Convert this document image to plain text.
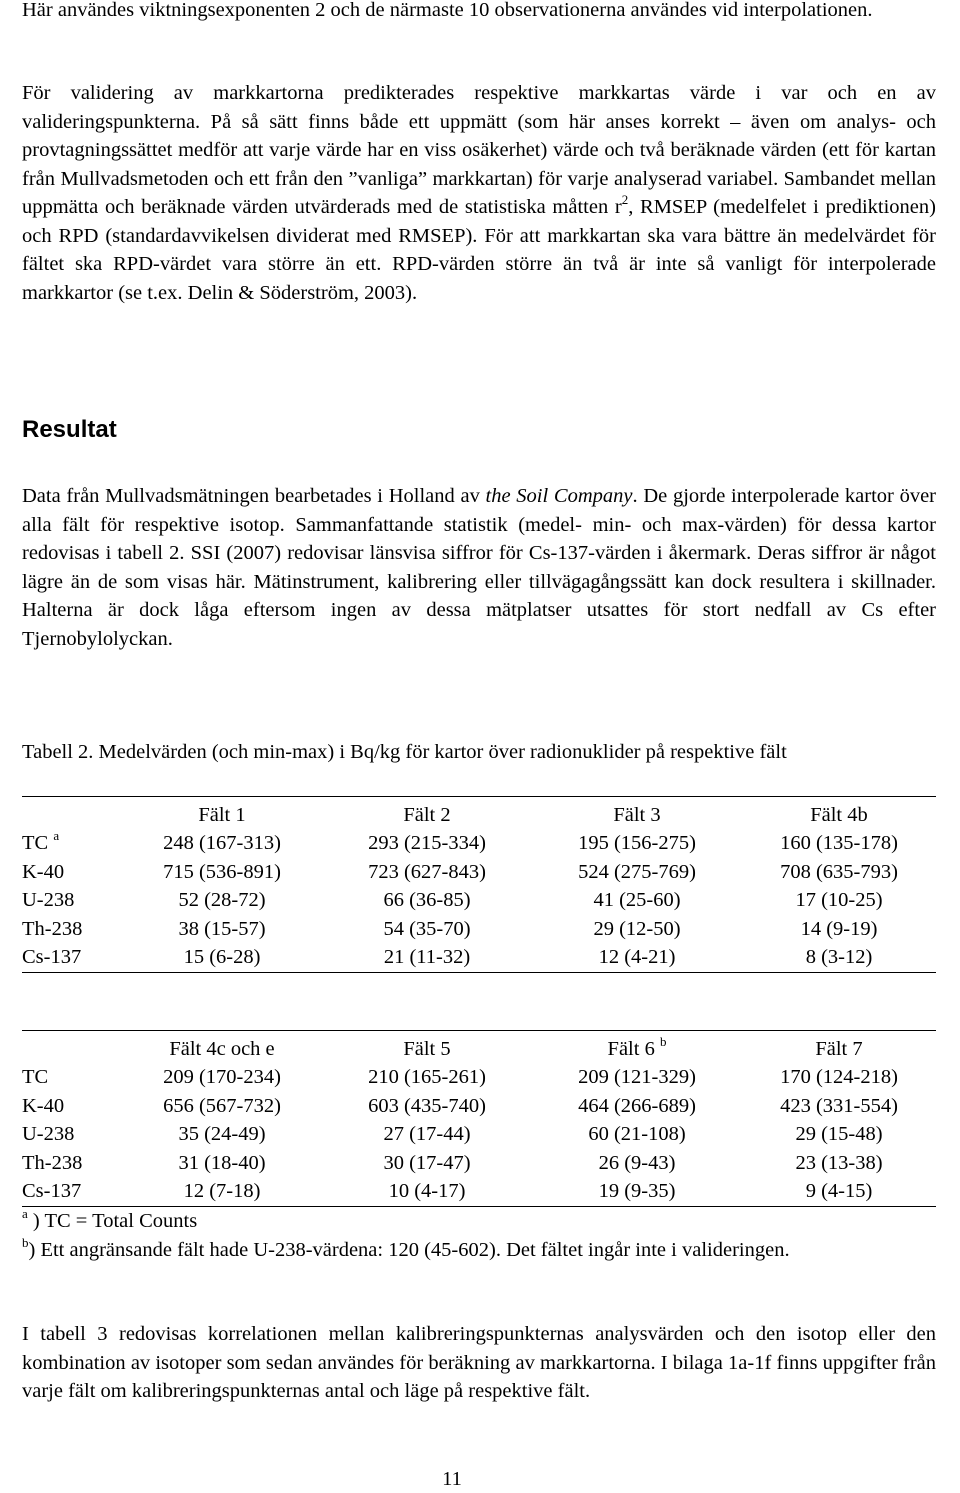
Här användes viktningsexponenten 2 och de närmaste 10 observationerna användes vid interpolationen.

För validering av markkartorna predikterades respektive markkartas värde i var och en av valideringspunkterna. På så sätt finns både ett uppmätt (som här anses korrekt – även om analys- och provtagningssättet medför att varje värde har en viss osäkerhet) värde och två beräknade värden (ett för kartan från Mullvadsmetoden och ett från den ”vanliga” markkartan) för varje analyserad variabel. Sambandet mellan uppmätta och beräknade värden utvärderads med de statistiska måtten $r^2$, RMSEP (medelfelet i prediktionen) och RPD (standardavvikelsen dividerat med RMSEP). För att markkartan ska vara bättre än medelvärdet för fältet ska RPD-värdet vara större än ett. RPD-värden större än två är inte så vanligt för interpolerade markkartor (se t.ex. Delin & Söderström, 2003).

Resultat

Data från Mullvadsmätningen bearbetades i Holland av the Soil Company. De gjorde interpolerade kartor över alla fält för respektive isotop. Sammanfattande statistik (medel- min- och max-värden) för dessa kartor redovisas i tabell 2. SSI (2007) redovisar länsvisa siffror för Cs-137-värden i åkermark. Deras siffror är något lägre än de som visas här. Mätinstrument, kalibrering eller tillvägagångssätt kan dock resultera i skillnader. Halterna är dock låga eftersom ingen av dessa mätplatser utsattes för stort nedfall av Cs efter Tjernobylolyckan.

Tabell 2. Medelvärden (och min-max) i Bq/kg för kartor över radionuklider på respektive fält

	Fält 1	Fält 2	Fält 3	Fält 4b
TC $^a$	248 (167-313)	293 (215-334)	195 (156-275)	160 (135-178)
K-40	715 (536-891)	723 (627-843)	524 (275-769)	708 (635-793)
U-238	52 (28-72)	66 (36-85)	41 (25-60)	17 (10-25)
Th-238	38 (15-57)	54 (35-70)	29 (12-50)	14 (9-19)
Cs-137	15 (6-28)	21 (11-32)	12 (4-21)	8 (3-12)
	Fält 4c och e	Fält 5	Fält 6 $^b$	Fält 7
TC	209 (170-234)	210 (165-261)	209 (121-329)	170 (124-218)
K-40	656 (567-732)	603 (435-740)	464 (266-689)	423 (331-554)
U-238	35 (24-49)	27 (17-44)	60 (21-108)	29 (15-48)
Th-238	31 (18-40)	30 (17-47)	26 (9-43)	23 (13-38)
Cs-137	12 (7-18)	10 (4-17)	19 (9-35)	9 (4-15)

$^a$ ) TC = Total Counts

$^b$) Ett angränsande fält hade U-238-värdena: 120 (45-602). Det fältet ingår inte i valideringen.

I tabell 3 redovisas korrelationen mellan kalibreringspunkternas analysvärden och den isotop eller den kombination av isotoper som sedan användes för beräkning av markkartorna. I bilaga 1a-1f finns uppgifter från varje fält om kalibreringspunkternas antal och läge på respektive fält.

11
